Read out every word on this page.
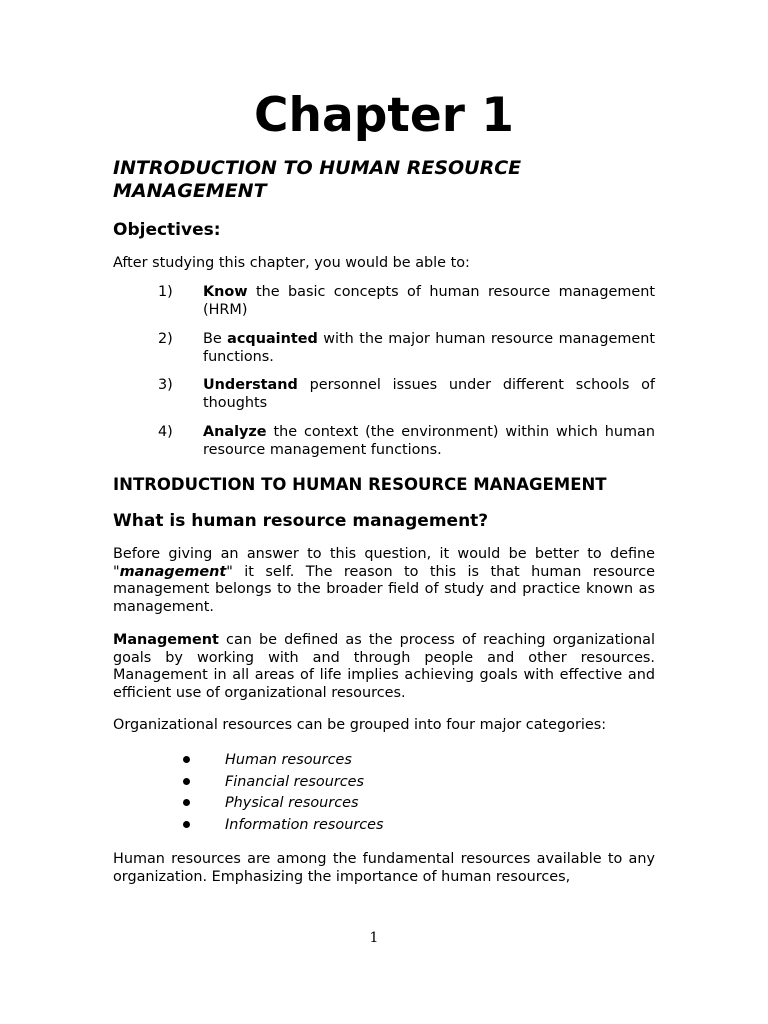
Chapter 1
INTRODUCTION TO HUMAN RESOURCE MANAGEMENT
Objectives:
After studying this chapter, you would be able to:
1) Know the basic concepts of human resource management (HRM)
2) Be acquainted with the major human resource management functions.
3) Understand personnel issues under different schools of thoughts
4) Analyze the context (the environment) within which human resource management functions.
INTRODUCTION TO HUMAN RESOURCE MANAGEMENT
What is human resource management?
Before giving an answer to this question, it would be better to define "management" it self. The reason to this is that human resource management belongs to the broader field of study and practice known as management.
Management can be defined as the process of reaching organizational goals by working with and through people and other resources. Management in all areas of life implies achieving goals with effective and efficient use of organizational resources.
Organizational resources can be grouped into four major categories:
Human resources
Financial resources
Physical resources
Information resources
Human resources are among the fundamental resources available to any organization. Emphasizing the importance of human resources,
1
